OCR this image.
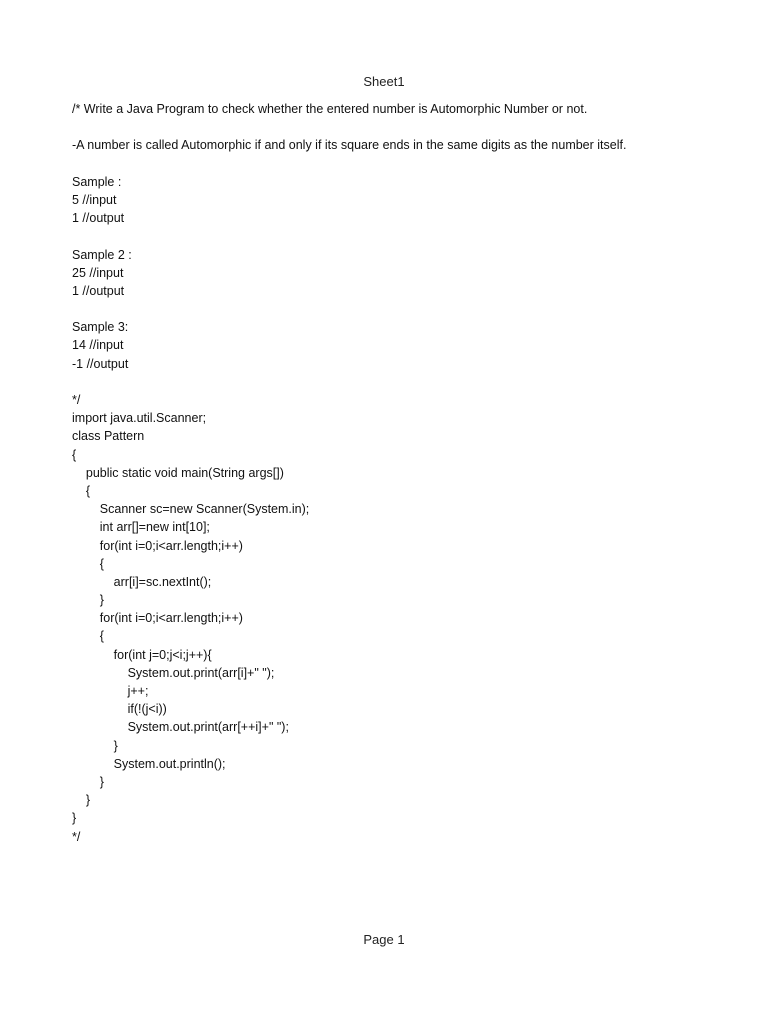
Sheet1
/* Write a Java Program to check whether the entered number is Automorphic Number or not.
-A number is called Automorphic if and only if its square ends in the same digits as the number itself.
Sample :
5 //input
1 //output
Sample 2 :
25 //input
1 //output
Sample 3:
14 //input
-1 //output
*/
import java.util.Scanner;
class Pattern
{
public static void main(String args[])
{
Scanner sc=new Scanner(System.in);
int arr[]=new int[10];
for(int i=0;i<arr.length;i++)
{
arr[i]=sc.nextInt();
}
for(int i=0;i<arr.length;i++)
{
for(int j=0;j<i;j++){
System.out.print(arr[i]+" ");
j++;
if(!(j<i))
System.out.print(arr[++i]+" ");
}
System.out.println();
}
}
}
*/
Page 1
